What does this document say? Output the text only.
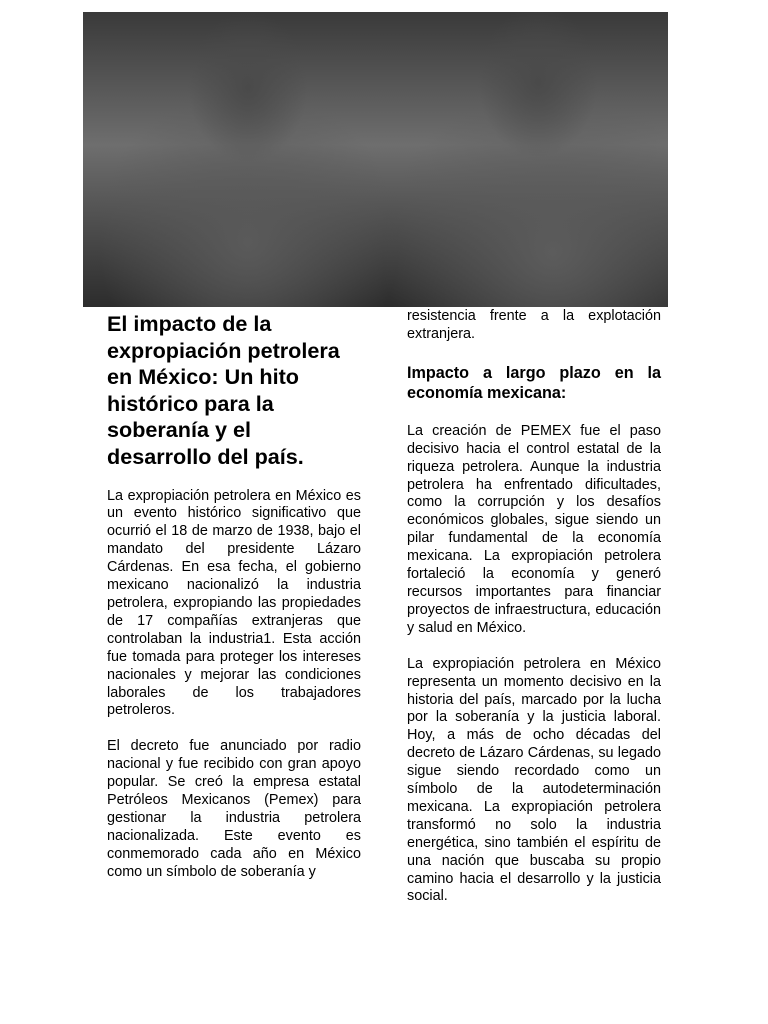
El impacto de la expropiación petrolera en México: Un hito histórico para la soberanía y el desarrollo del país.

La expropiación petrolera en México es un evento histórico significativo que ocurrió el 18 de marzo de 1938, bajo el mandato del presidente Lázaro Cárdenas. En esa fecha, el gobierno mexicano nacionalizó la industria petrolera, expropiando las propiedades de 17 compañías extranjeras que controlaban la industria1. Esta acción fue tomada para proteger los intereses nacionales y mejorar las condiciones laborales de los trabajadores petroleros.

El decreto fue anunciado por radio nacional y fue recibido con gran apoyo popular. Se creó la empresa estatal Petróleos Mexicanos (Pemex) para gestionar la industria petrolera nacionalizada. Este evento es conmemorado cada año en México como un símbolo de soberanía y

resistencia frente a la explotación extranjera.

Impacto a largo plazo en la economía mexicana:

La creación de PEMEX fue el paso decisivo hacia el control estatal de la riqueza petrolera. Aunque la industria petrolera ha enfrentado dificultades, como la corrupción y los desafíos económicos globales, sigue siendo un pilar fundamental de la economía mexicana. La expropiación petrolera fortaleció la economía y generó recursos importantes para financiar proyectos de infraestructura, educación y salud en México.

La expropiación petrolera en México representa un momento decisivo en la historia del país, marcado por la lucha por la soberanía y la justicia laboral. Hoy, a más de ocho décadas del decreto de Lázaro Cárdenas, su legado sigue siendo recordado como un símbolo de la autodeterminación mexicana. La expropiación petrolera transformó no solo la industria energética, sino también el espíritu de una nación que buscaba su propio camino hacia el desarrollo y la justicia social.
